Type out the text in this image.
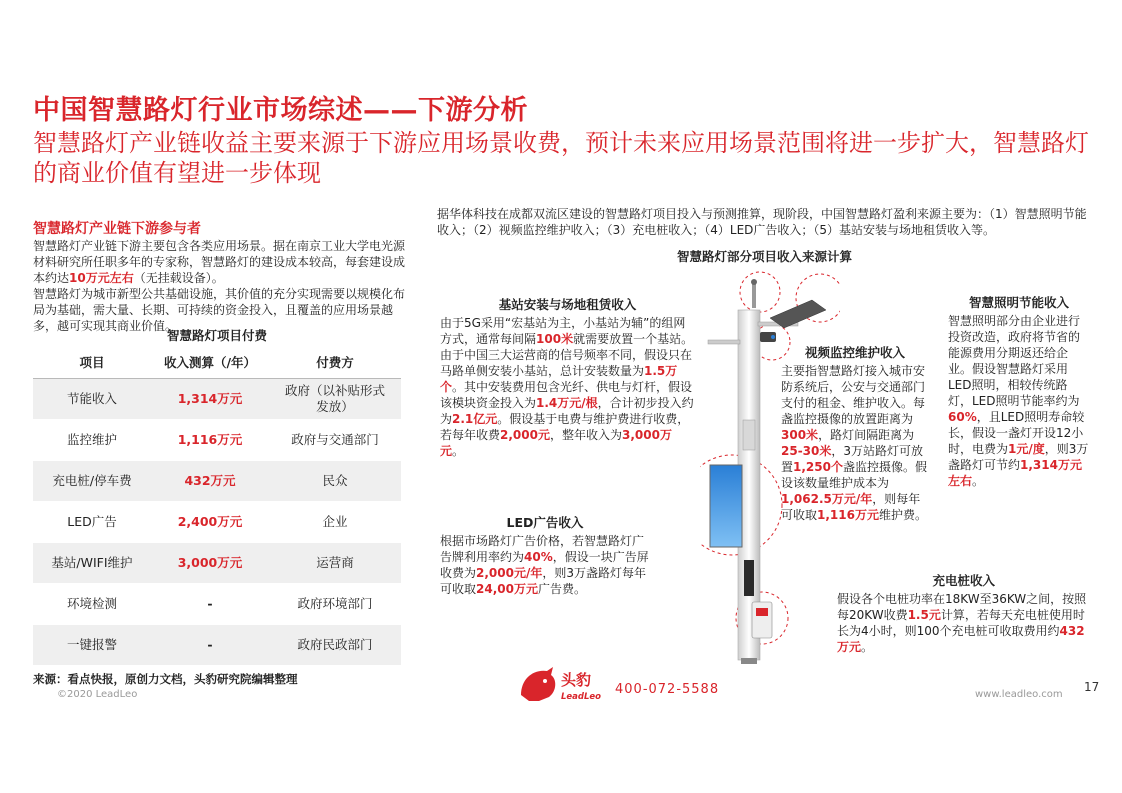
中国智慧路灯行业市场综述——下游分析
智慧路灯产业链收益主要来源于下游应用场景收费，预计未来应用场景范围将进一步扩大，智慧路灯的商业价值有望进一步体现
智慧路灯产业链下游参与者

智慧路灯产业链下游主要包含各类应用场景。据在南京工业大学电光源材料研究所任职多年的专家称，智慧路灯的建设成本较高，每套建设成本约达10万元左右（无挂载设备）。

智慧路灯为城市新型公共基础设施，其价值的充分实现需要以规模化布局为基础，需大量、长期、可持续的资金投入，且覆盖的应用场景越多，越可实现其商业价值。

智慧路灯项目付费
项目	收入测算（/年）	付费方
节能收入	1,314万元	政府（以补贴形式发放）
监控维护	1,116万元	政府与交通部门
充电桩/停车费	432万元	民众
LED广告	2,400万元	企业
基站/WIFI维护	3,000万元	运营商
环境检测	-	政府环境部门
一键报警	-	政府民政部门
来源：看点快报，原创力文档，头豹研究院编辑整理
©2020 LeadLeo
据华体科技在成都双流区建设的智慧路灯项目投入与预测推算，现阶段，中国智慧路灯盈利来源主要为：（1）智慧照明节能收入；（2）视频监控维护收入；（3）充电桩收入；（4）LED广告收入；（5）基站安装与场地租赁收入等。
智慧路灯部分项目收入来源计算
基站安装与场地租赁收入
由于5G采用“宏基站为主，小基站为辅”的组网方式，通常每间隔100米就需要放置一个基站。由于中国三大运营商的信号频率不同，假设只在马路单侧安装小基站，总计安装数量为1.5万个。其中安装费用包含光纤、供电与灯杆，假设该模块资金投入为1.4万元/根，合计初步投入约为2.1亿元。假设基于电费与维护费进行收费，若每年收费2,000元，整年收入为3,000万元。
视频监控维护收入
主要指智慧路灯接入城市安防系统后，公安与交通部门支付的租金、维护收入。每盏监控摄像的放置距离为300米，路灯间隔距离为25-30米，3万站路灯可放置1,250个盏监控摄像。假设该数量维护成本为1,062.5万元/年，则每年可收取1,116万元维护费。
智慧照明节能收入
智慧照明部分由企业进行投资改造，政府将节省的能源费用分期返还给企业。假设智慧路灯采用LED照明，相较传统路灯，LED照明节能率约为60%，且LED照明寿命较长，假设一盏灯开设12小时，电费为1元/度，则3万盏路灯可节约1,314万元左右。
LED广告收入
根据市场路灯广告价格，若智慧路灯广告牌利用率约为40%，假设一块广告屏收费为2,000元/年，则3万盏路灯每年可收取24,00万元广告费。
充电桩收入
假设各个电桩功率在18KW至36KW之间，按照每20KW收费1.5元计算，若每天充电桩使用时长为4小时，则100个充电桩可收取费用约432万元。
头豹
LeadLeo 400-072-5588	www.leadleo.com
17
